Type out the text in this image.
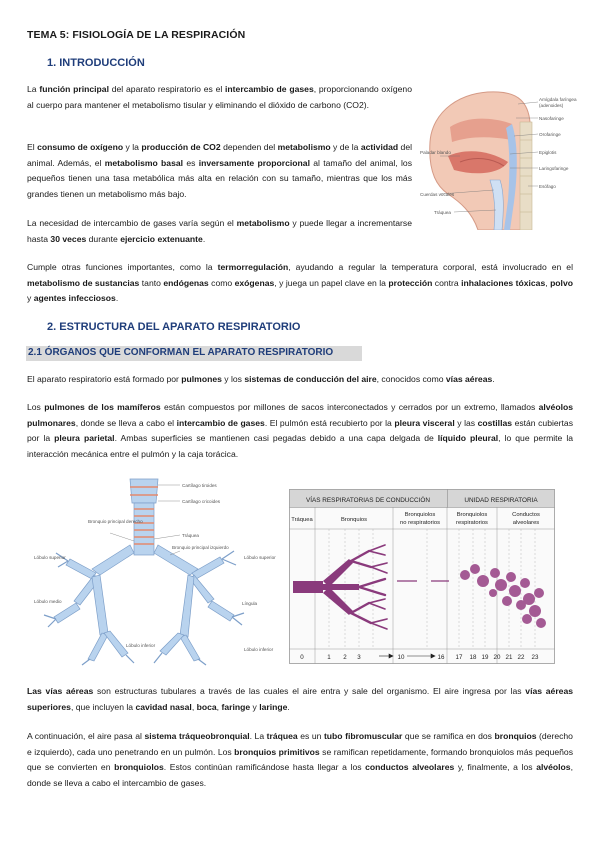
TEMA 5: FISIOLOGÍA DE LA RESPIRACIÓN
1. INTRODUCCIÓN
La función principal del aparato respiratorio es el intercambio de gases, proporcionando oxígeno al cuerpo para mantener el metabolismo tisular y eliminando el dióxido de carbono (CO2).
El consumo de oxígeno y la producción de CO2 dependen del metabolismo y de la actividad del animal. Además, el metabolismo basal es inversamente proporcional al tamaño del animal, los pequeños tienen una tasa metabólica más alta en relación con su tamaño, mientras que los más grandes tienen un metabolismo más bajo.
La necesidad de intercambio de gases varía según el metabolismo y puede llegar a incrementarse hasta 30 veces durante ejercicio extenuante.
Cumple otras funciones importantes, como la termorregulación, ayudando a regular la temperatura corporal, está involucrado en el metabolismo de sustancias tanto endógenas como exógenas, y juega un papel clave en la protección contra inhalaciones tóxicas, polvo y agentes infecciosos.
Amígdala faríngea
(adenoides)
Nasofaringe
Orofaringe
Epiglotis
Laringofaringe
Esófago
Paladar blando
Cuerdas vocales
Tráquea
2. ESTRUCTURA DEL APARATO RESPIRATORIO
2.1 ÓRGANOS QUE CONFORMAN EL APARATO RESPIRATORIO
El aparato respiratorio está formado por pulmones y los sistemas de conducción del aire, conocidos como vías aéreas.
Los pulmones de los mamíferos están compuestos por millones de sacos interconectados y cerrados por un extremo, llamados alvéolos pulmonares, donde se lleva a cabo el intercambio de gases. El pulmón está recubierto por la pleura visceral y las costillas están cubiertas por la pleura parietal. Ambas superficies se mantienen casi pegadas debido a una capa delgada de líquido pleural, lo que permite la interacción mecánica entre el pulmón y la caja torácica.
Cartílago tiroides
Cartílago cricoides
Bronquio principal derecho
Tráquea
Bronquio principal izquierdo
Lóbulo superior	Lóbulo superior
Lóbulo medio	Língula
Lóbulo inferior
Lóbulo inferior
VÍAS RESPIRATORIAS DE CONDUCCIÓN	UNIDAD RESPIRATORIA
Tráquea	Bronquios
Bronquiolos
no respiratorios
Bronquiolos
respiratorios
Conductos
alveolares
0	1 2 3	10	16 17 18 19 20 21 22 23
Las vías aéreas son estructuras tubulares a través de las cuales el aire entra y sale del organismo. El aire ingresa por las vías aéreas superiores, que incluyen la cavidad nasal, boca, faringe y laringe.
A continuación, el aire pasa al sistema tráqueobronquial. La tráquea es un tubo fibromuscular que se ramifica en dos bronquios (derecho e izquierdo), cada uno penetrando en un pulmón. Los bronquios primitivos se ramifican repetidamente, formando bronquiolos más pequeños que se convierten en bronquiolos. Estos continúan ramificándose hasta llegar a los conductos alveolares y, finalmente, a los alvéolos, donde se lleva a cabo el intercambio de gases.
